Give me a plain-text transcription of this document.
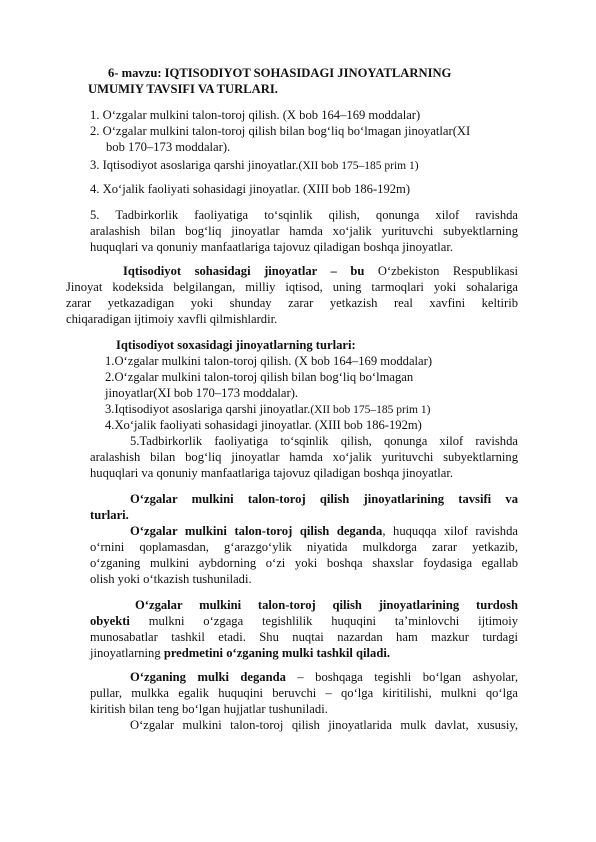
6- mavzu: IQTISODIYOT SOHASIDAGI JINOYATLARNING
UMUMIY TAVSIFI VA TURLARI.
1. O‘zgalar mulkini talon-toroj qilish. (X bob 164–169 moddalar)
2. O‘zgalar mulkini talon-toroj qilish bilan bog‘liq bo‘lmagan jinoyatlar(XI
bob 170–173 moddalar).
3. Iqtisodiyot asoslariga qarshi jinoyatlar.(XII bob 175–185 prim 1)
4. Xo‘jalik faoliyati sohasidagi jinoyatlar. (XIII bob 186-192m)
5. Tadbirkorlik faoliyatiga to‘sqinlik qilish, qonunga xilof ravishda
aralashish bilan bog‘liq jinoyatlar hamda xo‘jalik yurituvchi subyektlarning
huquqlari va qonuniy manfaatlariga tajovuz qiladigan boshqa jinoyatlar.
Iqtisodiyot sohasidagi jinoyatlar – bu O‘zbekiston Respublikasi
Jinoyat kodeksida belgilangan, milliy iqtisod, uning tarmoqlari yoki sohalariga
zarar yetkazadigan yoki shunday zarar yetkazish real xavfini keltirib
chiqaradigan ijtimoiy xavfli qilmishlardir.
Iqtisodiyot soxasidagi jinoyatlarning turlari:
1.O‘zgalar mulkini talon-toroj qilish. (X bob 164–169 moddalar)
2.O‘zgalar mulkini talon-toroj qilish bilan bog‘liq bo‘lmagan
jinoyatlar(XI bob 170–173 moddalar).
3.Iqtisodiyot asoslariga qarshi jinoyatlar.(XII bob 175–185 prim 1)
4.Xo‘jalik faoliyati sohasidagi jinoyatlar. (XIII bob 186-192m)
5.Tadbirkorlik faoliyatiga to‘sqinlik qilish, qonunga xilof ravishda
aralashish bilan bog‘liq jinoyatlar hamda xo‘jalik yurituvchi subyektlarning
huquqlari va qonuniy manfaatlariga tajovuz qiladigan boshqa jinoyatlar.
O‘zgalar mulkini talon-toroj qilish jinoyatlarining tavsifi va
turlari.
O‘zgalar mulkini talon-toroj qilish deganda, huquqqa xilof ravishda
o‘rnini qoplamasdan, g‘arazgo‘ylik niyatida mulkdorga zarar yetkazib,
o‘zganing mulkini aybdorning o‘zi yoki boshqa shaxslar foydasiga egallab
olish yoki o‘tkazish tushuniladi.
O‘zgalar mulkini talon-toroj qilish jinoyatlarining turdosh
obyekti mulkni o‘zgaga tegishlilik huquqini ta’minlovchi ijtimoiy
munosabatlar tashkil etadi. Shu nuqtai nazardan ham mazkur turdagi
jinoyatlarning predmetini o‘zganing mulki tashkil qiladi.
O‘zganing mulki deganda – boshqaga tegishli bo‘lgan ashyolar,
pullar, mulkka egalik huquqini beruvchi – qo‘lga kiritilishi, mulkni qo‘lga
kiritish bilan teng bo‘lgan hujjatlar tushuniladi.
O‘zgalar mulkini talon-toroj qilish jinoyatlarida mulk davlat, xususiy,
